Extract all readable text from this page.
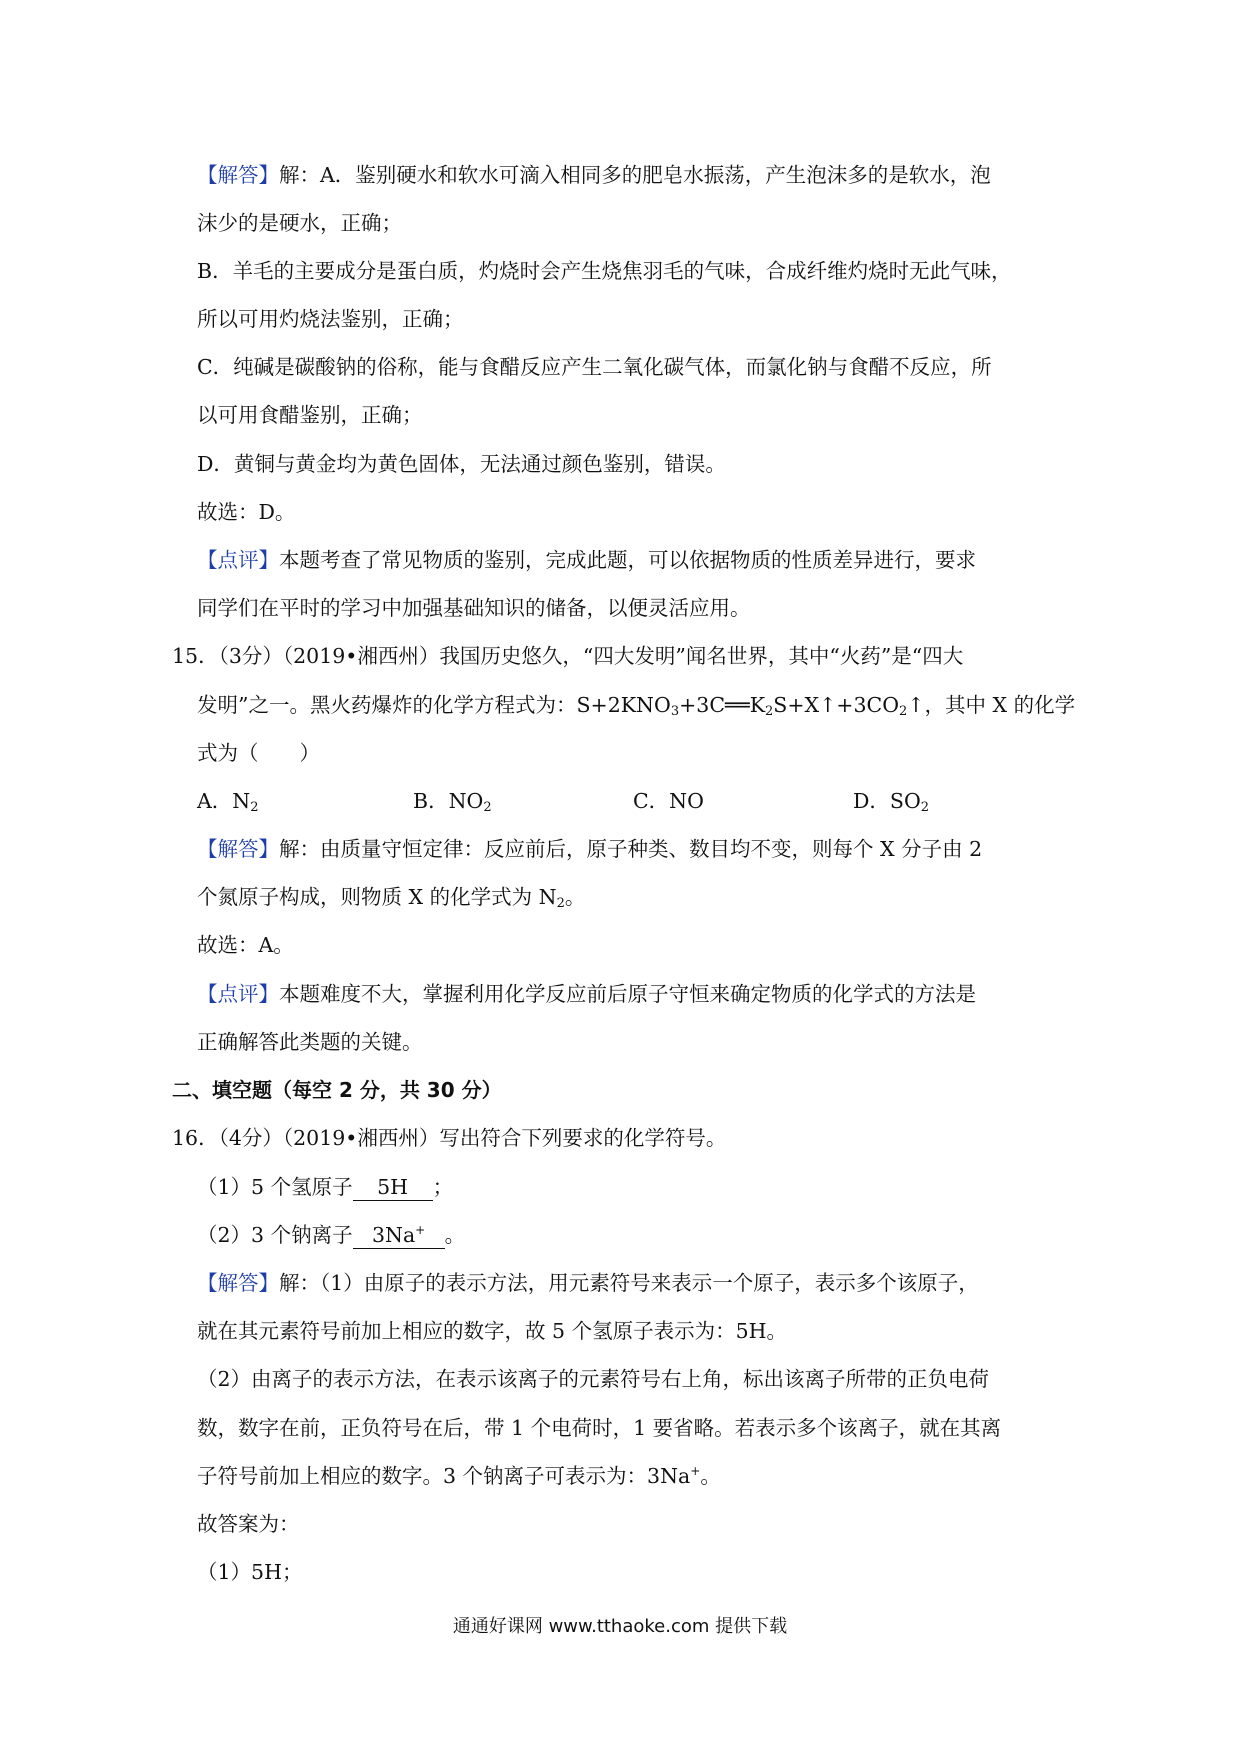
【解答】解：A．鉴别硬水和软水可滴入相同多的肥皂水振荡，产生泡沫多的是软水，泡
沫少的是硬水，正确；
B．羊毛的主要成分是蛋白质，灼烧时会产生烧焦羽毛的气味，合成纤维灼烧时无此气味，
所以可用灼烧法鉴别，正确；
C．纯碱是碳酸钠的俗称，能与食醋反应产生二氧化碳气体，而氯化钠与食醋不反应，所
以可用食醋鉴别，正确；
D．黄铜与黄金均为黄色固体，无法通过颜色鉴别，错误。
故选：D。
【点评】本题考查了常见物质的鉴别，完成此题，可以依据物质的性质差异进行，要求
同学们在平时的学习中加强基础知识的储备，以便灵活应用。
15．（3分）（2019•湘西州）我国历史悠久，“四大发明”闻名世界，其中“火药”是“四大
发明”之一。黑火药爆炸的化学方程式为：$S+2KNO_3+3C══K_2S+X↑+3CO_2↑$，其中 X 的化学
式为（　　）
A．$N_2$	B．$NO_2$	C．NO	D．$SO_2$
【解答】解：由质量守恒定律：反应前后，原子种类、数目均不变，则每个 X 分子由 2
个氮原子构成，则物质 X 的化学式为 $N_2$。
故选：A。
【点评】本题难度不大，掌握利用化学反应前后原子守恒来确定物质的化学式的方法是
正确解答此类题的关键。
二、填空题（每空 2 分，共 30 分）
16．（4分）（2019•湘西州）写出符合下列要求的化学符号。
（1）5 个氢原子 5H ；
（2）3 个钠离子 3Na+ 。
【解答】解：（1）由原子的表示方法，用元素符号来表示一个原子，表示多个该原子，
就在其元素符号前加上相应的数字，故 5 个氢原子表示为：5H。
（2）由离子的表示方法，在表示该离子的元素符号右上角，标出该离子所带的正负电荷
数，数字在前，正负符号在后，带 1 个电荷时，1 要省略。若表示多个该离子，就在其离
子符号前加上相应的数字。3 个钠离子可表示为：3Na+。
故答案为：
（1）5H；
通通好课网 www.tthaoke.com 提供下载
